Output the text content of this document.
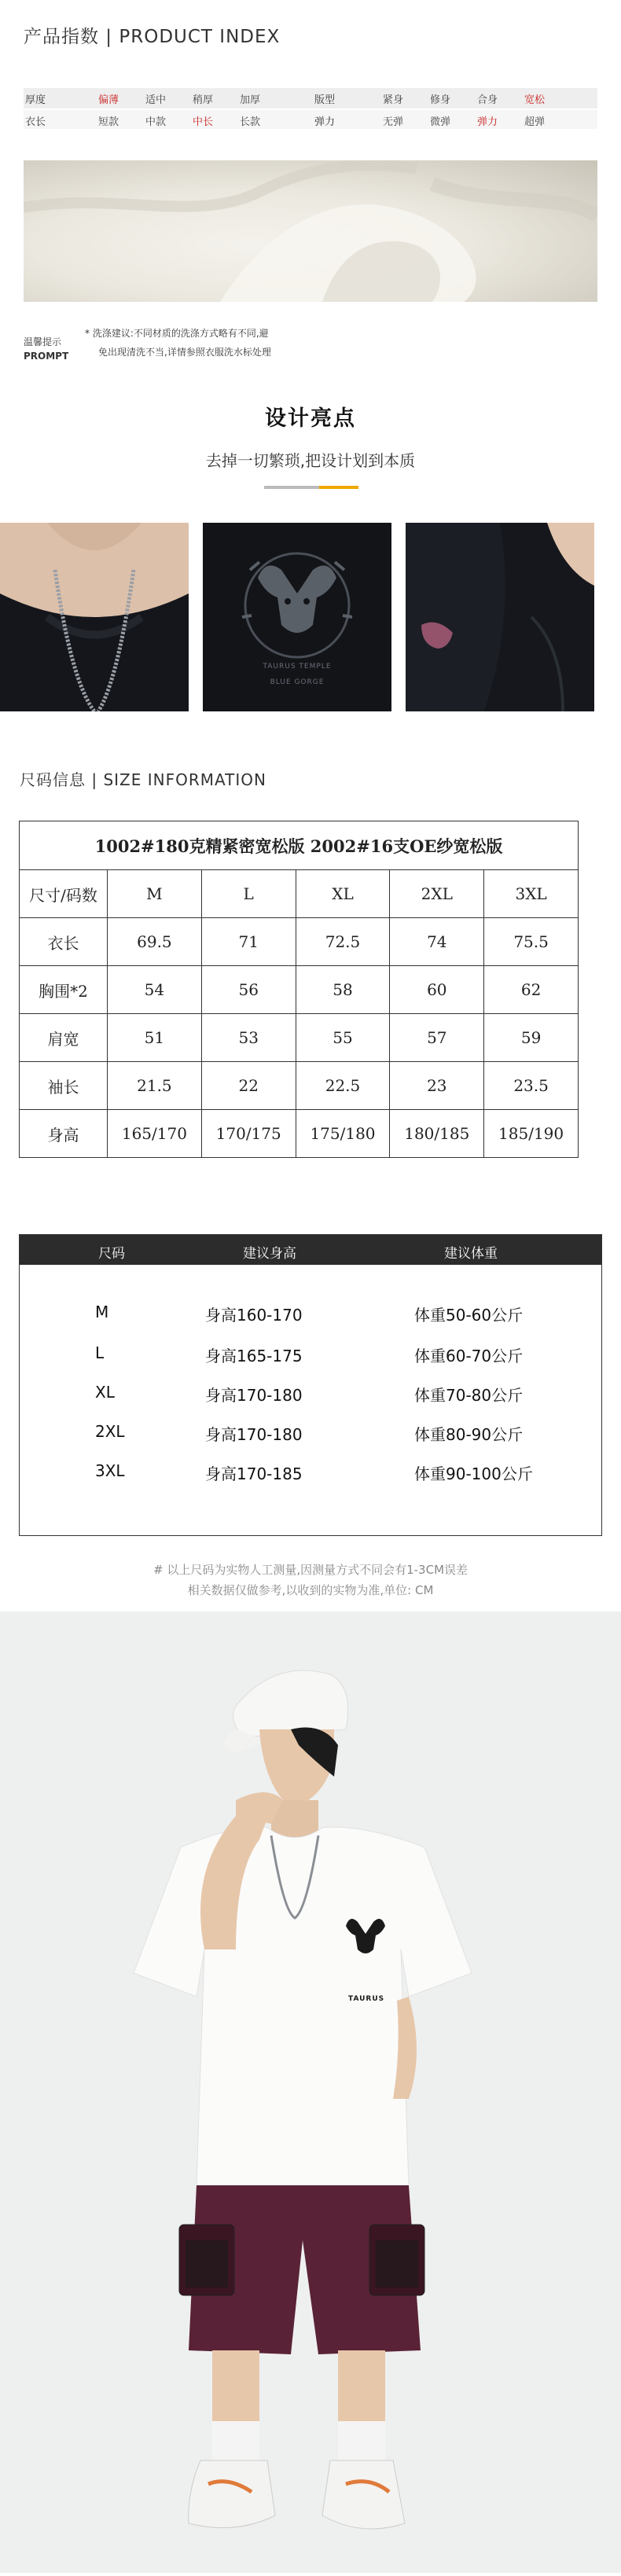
产品指数 | PRODUCT INDEX
厚度	偏薄	适中	稍厚	加厚	版型	紧身	修身	合身	宽松
衣长	短款	中款	中长	长款	弹力	无弹	微弹	弹力	超弹
温馨提示
PROMPT
* 洗涤建议:不同材质的洗涤方式略有不同,避
免出现清洗不当,详情参照衣服洗水标处理
设计亮点
去掉一切繁琐,把设计划到本质
TAURUS TEMPLE
BLUE GORGE
尺码信息 | SIZE INFORMATION
1002#180克精紧密宽松版 2002#16支OE纱宽松版					
尺寸/码数	M	L	XL	2XL	3XL
衣长	69.5	71	72.5	74	75.5
胸围*2	54	56	58	60	62
肩宽	51	53	55	57	59
袖长	21.5	22	22.5	23	23.5
身高	165/170	170/175	175/180	180/185	185/190
尺码	建议身高	建议体重
M	身高160-170	体重50-60公斤
L	身高165-175	体重60-70公斤
XL	身高170-180	体重70-80公斤
2XL	身高170-180	体重80-90公斤
3XL	身高170-185	体重90-100公斤
# 以上尺码为实物人工测量,因测量方式不同会有1-3CM误差
相关数据仅做参考,以收到的实物为准,单位: CM
TAURUS
